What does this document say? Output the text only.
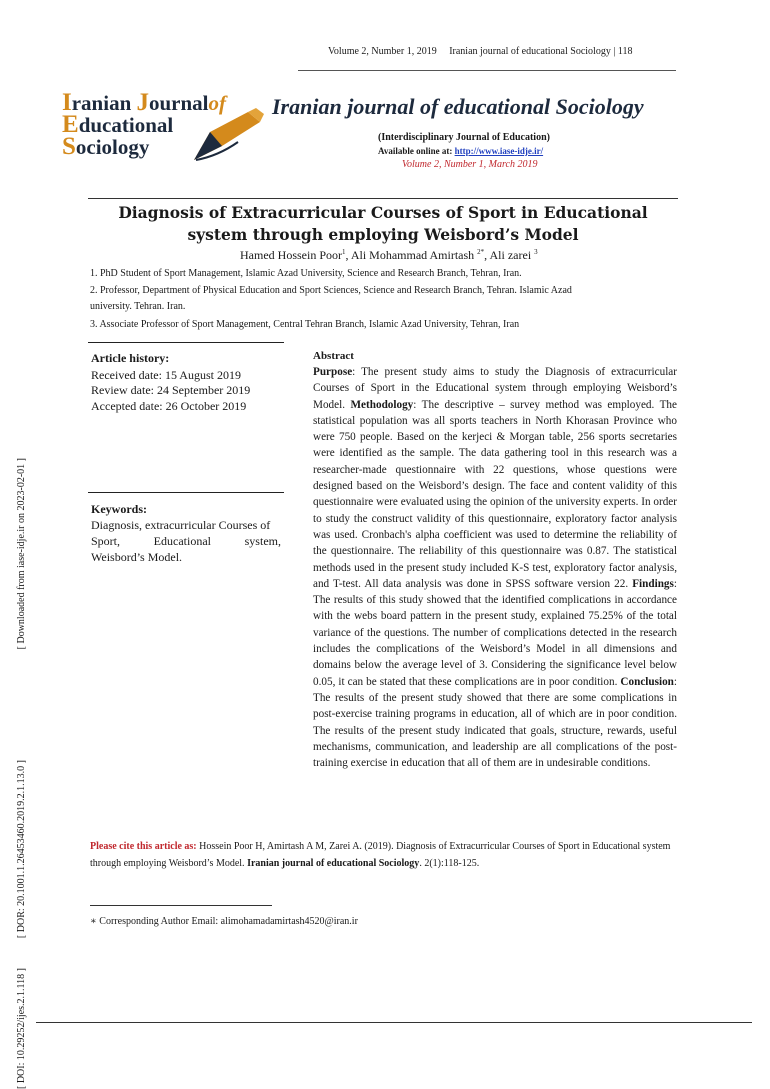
[ Downloaded from iase-idje.ir on 2023-02-01 ]
[ DOR: 20.1001.1.26453460.2019.2.1.13.0 ]
[ DOI: 10.29252/ijes.2.1.118 ]
Volume 2, Number 1, 2019 Iranian journal of educational Sociology | 118
Iranian Journalof
Educational
Sociology
Iranian journal of educational Sociology
(Interdisciplinary Journal of Education)
Available online at: http://www.iase-idje.ir/
Volume 2, Number 1, March 2019
Diagnosis of Extracurricular Courses of Sport in Educational system through employing Weisbord’s Model
Hamed Hossein Poor$^1$, Ali Mohammad Amirtash $^{2*}$, Ali zarei $^3$
1. PhD Student of Sport Management, Islamic Azad University, Science and Research Branch, Tehran, Iran.
2. Professor, Department of Physical Education and Sport Sciences, Science and Research Branch, Tehran. Islamic Azad
university. Tehran. Iran.
3. Associate Professor of Sport Management, Central Tehran Branch, Islamic Azad University, Tehran, Iran
Article history:
Received date: 15 August 2019
Review date: 24 September 2019
Accepted date: 26 October 2019
Keywords:
Diagnosis, extracurricular Courses of
Sport,	Educational	system,
Weisbord’s Model.
Abstract
Purpose: The present study aims to study the Diagnosis of extracurricular Courses of Sport in the Educational system through employing Weisbord’s Model. Methodology: The descriptive – survey method was employed. The statistical population was all sports teachers in North Khorasan Province who were 750 people. Based on the kerjeci & Morgan table, 256 sports secretaries were identified as the sample. The data gathering tool in this research was a researcher-made questionnaire with 22 questions, whose questions were designed based on the Weisbord’s design. The face and content validity of this questionnaire were evaluated using the opinion of the university experts. In order to study the construct validity of this questionnaire, exploratory factor analysis was used. Cronbach's alpha coefficient was used to determine the reliability of the questionnaire. The reliability of this questionnaire was 0.87. The statistical methods used in the present study included K-S test, exploratory factor analysis, and T-test. All data analysis was done in SPSS software version 22. Findings: The results of this study showed that the identified complications in accordance with the webs board pattern in the present study, explained 75.25% of the total variance of the questions. The number of complications detected in the research includes the complications of the Weisbord’s Model in all dimensions and domains below the average level of 3. Considering the significance level below 0.05, it can be stated that these complications are in poor condition. Conclusion: The results of the present study showed that there are some complications in post-exercise training programs in education, all of which are in poor condition. The results of the present study indicated that goals, structure, rewards, useful mechanisms, communication, and leadership are all complications of the post-training exercise in education that all of them are in undesirable conditions.
Please cite this article as: Hossein Poor H, Amirtash A M, Zarei A. (2019). Diagnosis of Extracurricular Courses of Sport in Educational system through employing Weisbord’s Model. Iranian journal of educational Sociology. 2(1):118-125.
∗ Corresponding Author Email: alimohamadamirtash4520@iran.ir
